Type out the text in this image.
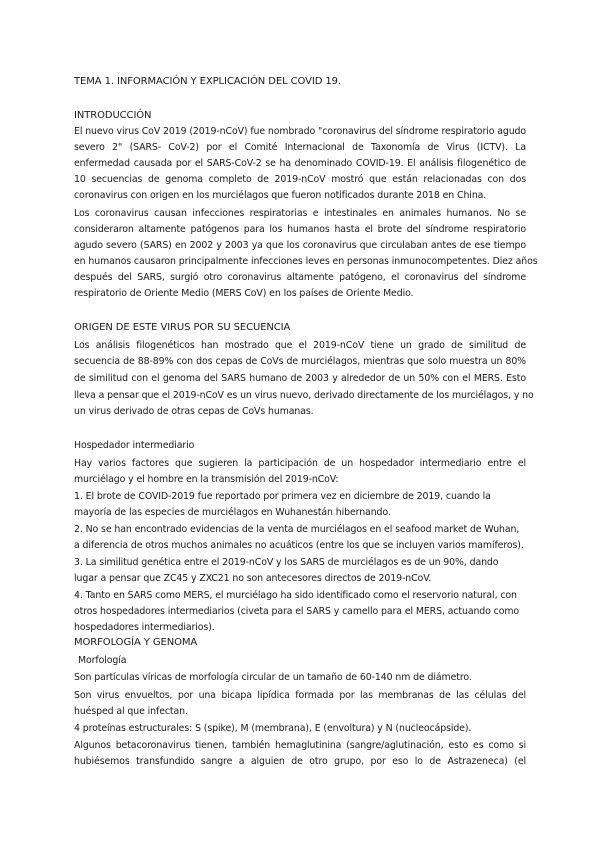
TEMA 1. INFORMACIÓN Y EXPLICACIÓN DEL COVID 19.
INTRODUCCIÓN
El nuevo virus CoV 2019 (2019-nCoV) fue nombrado "coronavirus del síndrome respiratorio agudo
severo 2" (SARS- CoV-2) por el Comité Internacional de Taxonomía de Virus (ICTV). La
enfermedad causada por el SARS-CoV-2 se ha denominado COVID-19. El análisis filogenético de
10 secuencias de genoma completo de 2019-nCoV mostró que están relacionadas con dos
coronavirus con origen en los murciélagos que fueron notificados durante 2018 en China.
Los coronavirus causan infecciones respiratorias e intestinales en animales humanos. No se
consideraron altamente patógenos para los humanos hasta el brote del síndrome respiratorio
agudo severo (SARS) en 2002 y 2003 ya que los coronavirus que circulaban antes de ese tiempo
en humanos causaron principalmente infecciones leves en personas inmunocompetentes. Diez años
después del SARS, surgió otro coronavirus altamente patógeno, el coronavirus del síndrome
respiratorio de Oriente Medio (MERS CoV) en los países de Oriente Medio.
ORIGEN DE ESTE VIRUS POR SU SECUENCIA
Los análisis filogenéticos han mostrado que el 2019-nCoV tiene un grado de similitud de
secuencia de 88-89% con dos cepas de CoVs de murciélagos, mientras que solo muestra un 80%
de similitud con el genoma del SARS humano de 2003 y alrededor de un 50% con el MERS. Esto
lleva a pensar que el 2019-nCoV es un virus nuevo, derivado directamente de los murciélagos, y no
un virus derivado de otras cepas de CoVs humanas.
Hospedador intermediario
Hay varios factores que sugieren la participación de un hospedador intermediario entre el
murciélago y el hombre en la transmisión del 2019-nCoV:
1. El brote de COVID-2019 fue reportado por primera vez en diciembre de 2019, cuando la
mayoría de las especies de murciélagos en Wuhanestán hibernando.
2. No se han encontrado evidencias de la venta de murciélagos en el seafood market de Wuhan,
a diferencia de otros muchos animales no acuáticos (entre los que se incluyen varios mamíferos).
3. La similitud genética entre el 2019-nCoV y los SARS de murciélagos es de un 90%, dando
lugar a pensar que ZC45 y ZXC21 no son antecesores directos de 2019-nCoV.
4. Tanto en SARS como MERS, el murciélago ha sido identificado como el reservorio natural, con
otros hospedadores intermediarios (civeta para el SARS y camello para el MERS, actuando como
hospedadores intermediarios).
MORFOLOGÍA Y GENOMA
Morfología
Son partículas víricas de morfología circular de un tamaño de 60-140 nm de diámetro.
Son virus envueltos, por una bicapa lipídica formada por las membranas de las células del
huésped al que infectan.
4 proteínas estructurales: S (spike), M (membrana), E (envoltura) y N (nucleocápside).
Algunos betacoronavirus tienen, también hemaglutinina (sangre/aglutinación, esto es como si
hubiésemos transfundido sangre a alguien de otro grupo, por eso lo de Astrazeneca) (el
